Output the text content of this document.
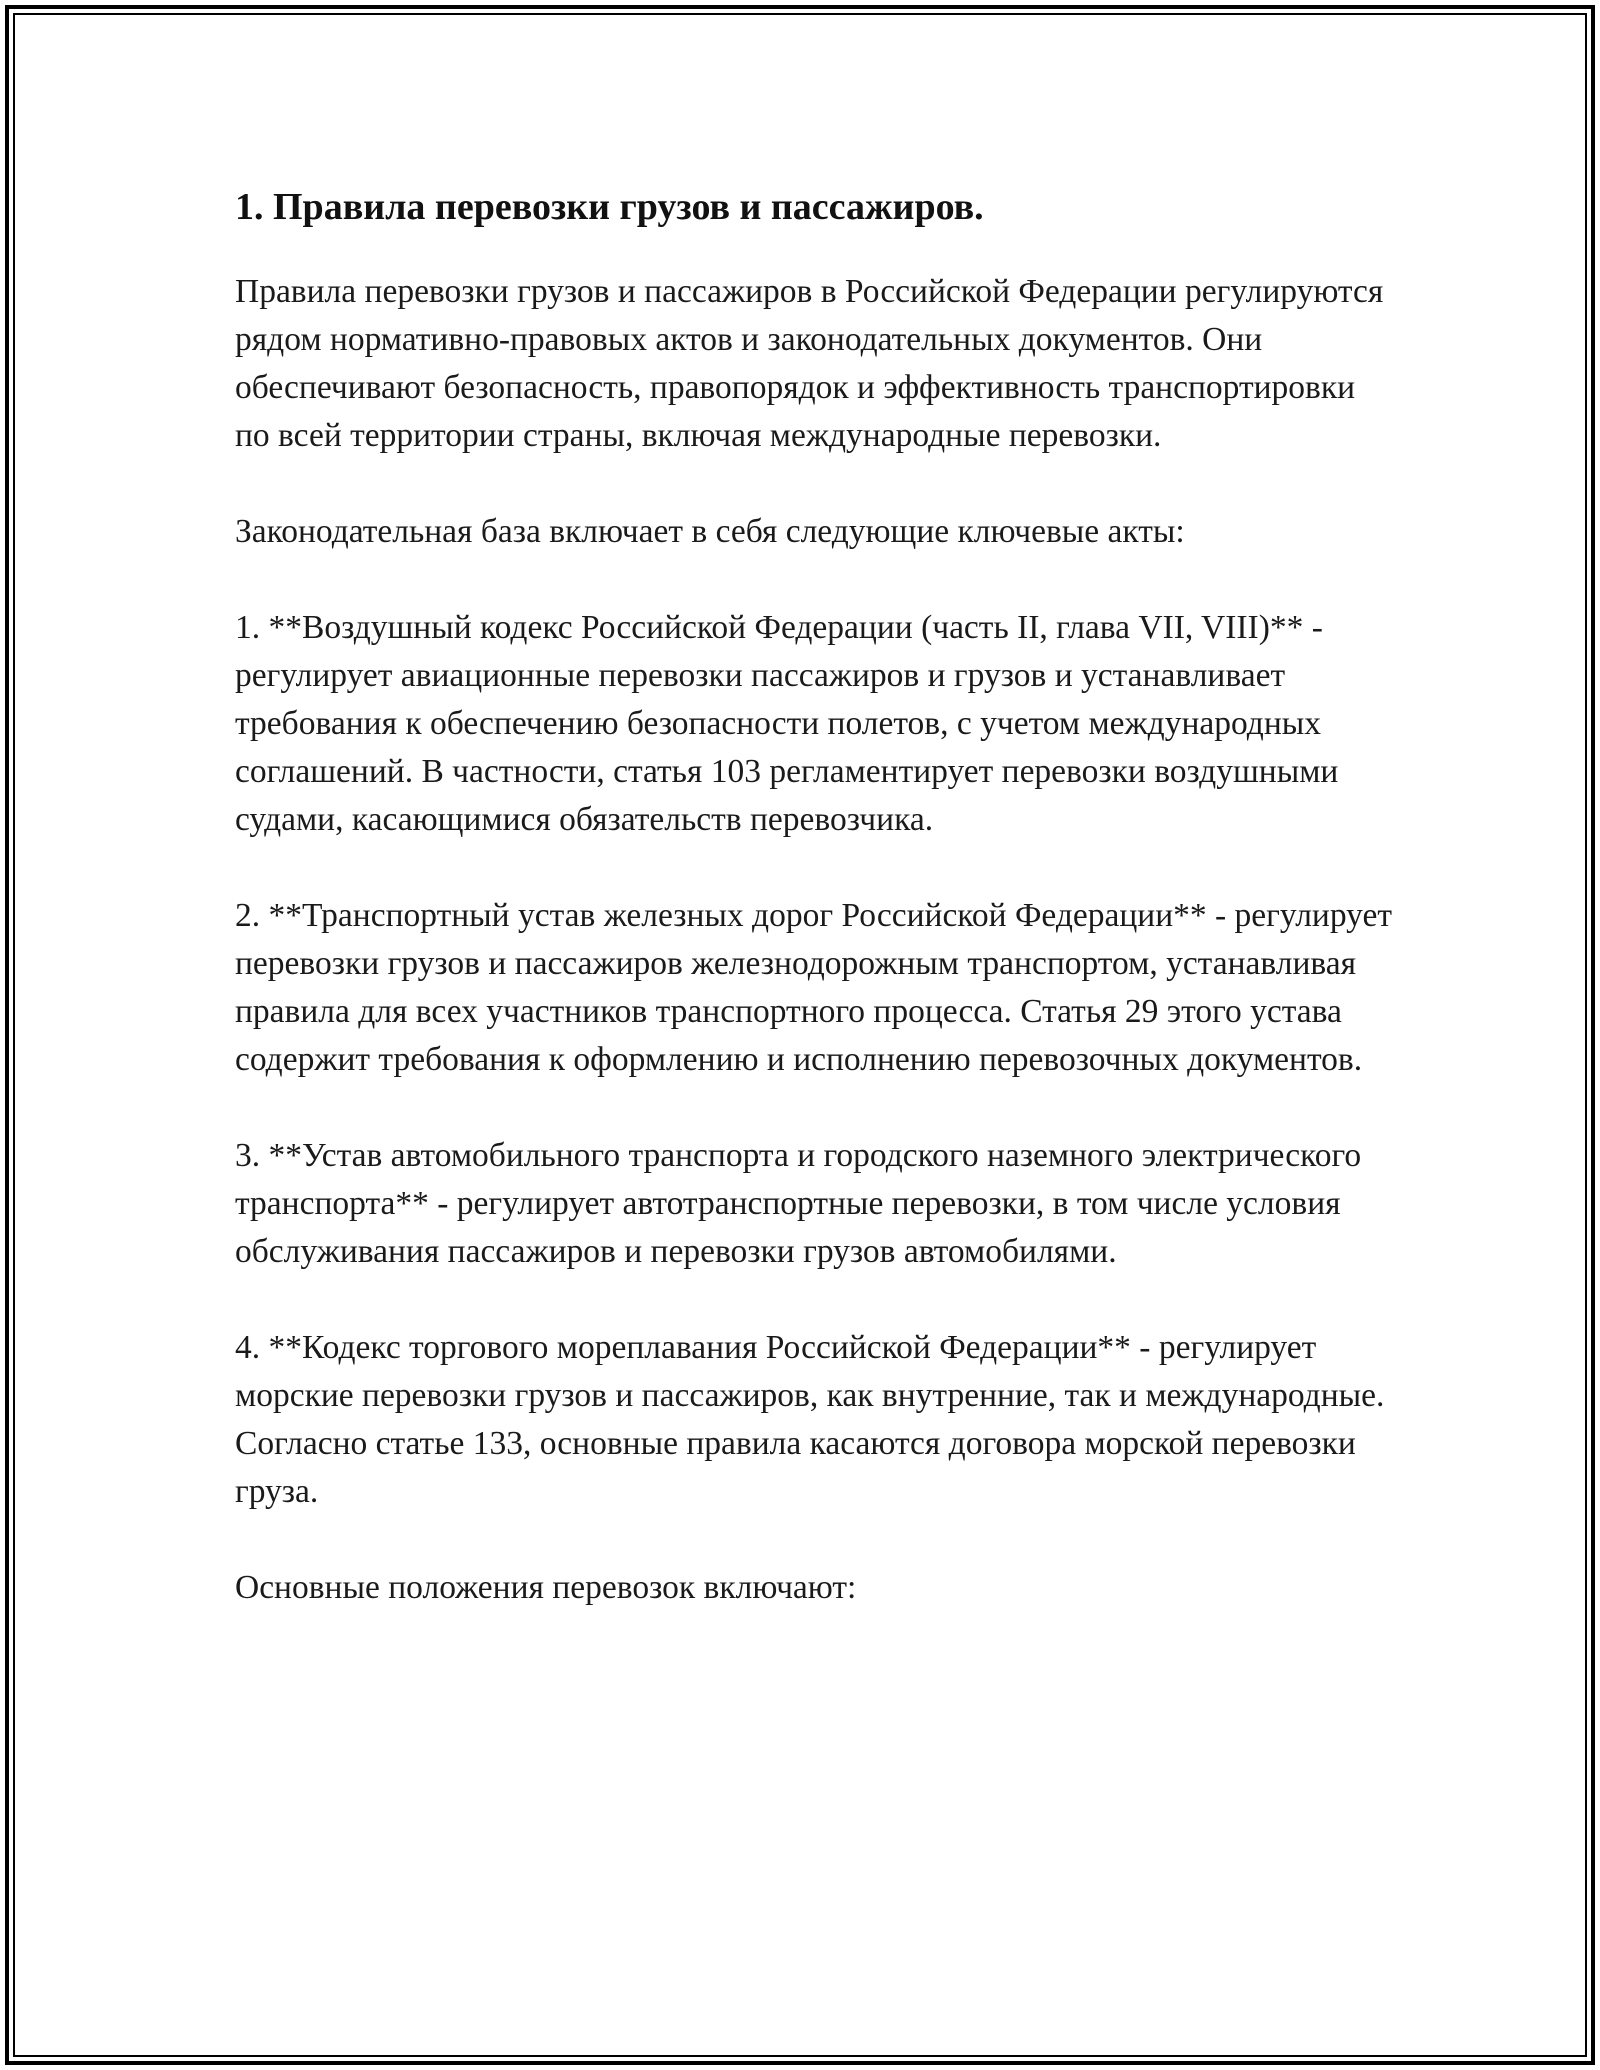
1. Правила перевозки грузов и пассажиров.

Правила перевозки грузов и пассажиров в Российской Федерации регулируются рядом нормативно-правовых актов и законодательных документов. Они обеспечивают безопасность, правопорядок и эффективность транспортировки по всей территории страны, включая международные перевозки.

Законодательная база включает в себя следующие ключевые акты:

1. **Воздушный кодекс Российской Федерации (часть II, глава VII, VIII)** - регулирует авиационные перевозки пассажиров и грузов и устанавливает требования к обеспечению безопасности полетов, с учетом международных соглашений. В частности, статья 103 регламентирует перевозки воздушными судами, касающимися обязательств перевозчика.

2. **Транспортный устав железных дорог Российской Федерации** - регулирует перевозки грузов и пассажиров железнодорожным транспортом, устанавливая правила для всех участников транспортного процесса. Статья 29 этого устава содержит требования к оформлению и исполнению перевозочных документов.

3. **Устав автомобильного транспорта и городского наземного электрического транспорта** - регулирует автотранспортные перевозки, в том числе условия обслуживания пассажиров и перевозки грузов автомобилями.

4. **Кодекс торгового мореплавания Российской Федерации** - регулирует морские перевозки грузов и пассажиров, как внутренние, так и международные. Согласно статье 133, основные правила касаются договора морской перевозки груза.

Основные положения перевозок включают:
